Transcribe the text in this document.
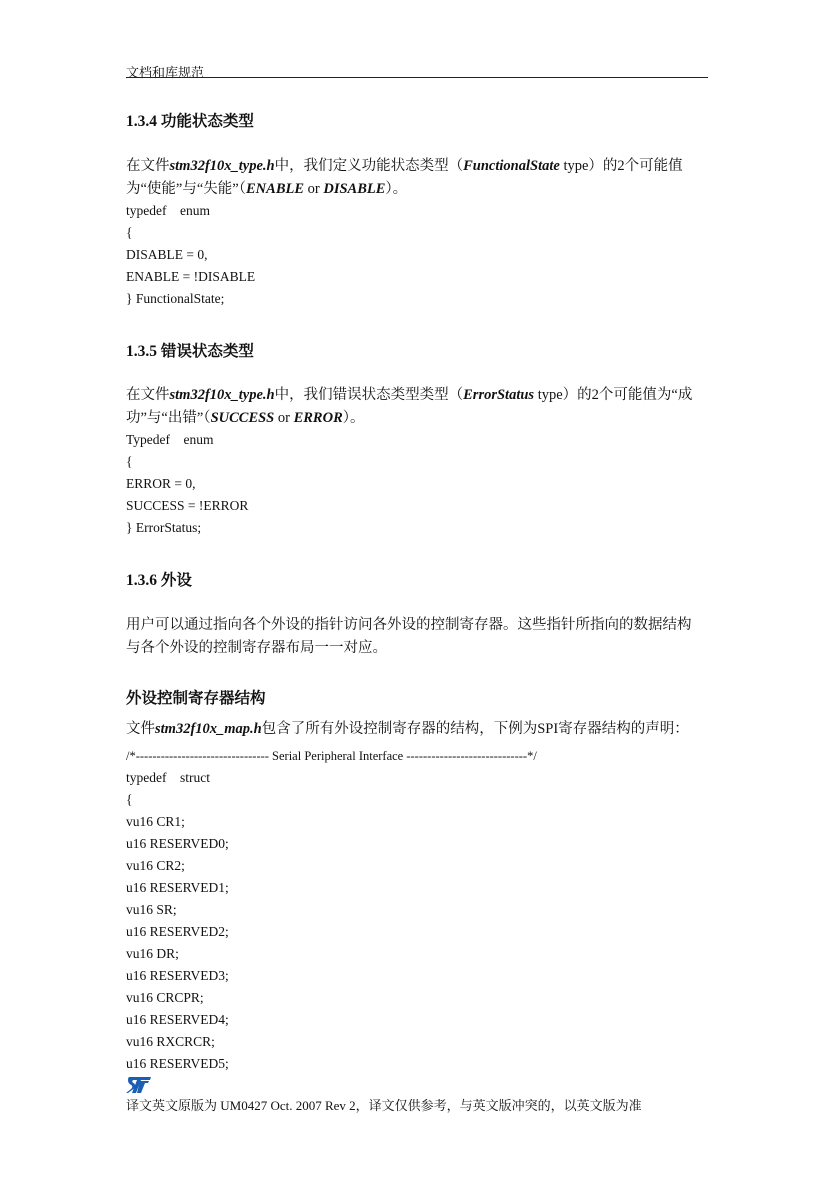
文档和库规范
1.3.4 功能状态类型
在文件stm32f10x_type.h中，我们定义功能状态类型（FunctionalState type）的2个可能值
为“使能”与“失能”（ENABLE or DISABLE）。
typedef    enum
{
DISABLE = 0,
ENABLE = !DISABLE
} FunctionalState;
1.3.5 错误状态类型
在文件stm32f10x_type.h中，我们错误状态类型类型（ErrorStatus type）的2个可能值为“成
功”与“出错”（SUCCESS or ERROR）。
Typedef    enum
{
ERROR = 0,
SUCCESS = !ERROR
} ErrorStatus;
1.3.6 外设
用户可以通过指向各个外设的指针访问各外设的控制寄存器。这些指针所指向的数据结构
与各个外设的控制寄存器布局一一对应。
外设控制寄存器结构
文件stm32f10x_map.h包含了所有外设控制寄存器的结构，下例为SPI寄存器结构的声明：
/*-------------------------------- Serial Peripheral Interface -----------------------------*/
typedef    struct
{
vu16 CR1;
u16 RESERVED0;
vu16 CR2;
u16 RESERVED1;
vu16 SR;
u16 RESERVED2;
vu16 DR;
u16 RESERVED3;
vu16 CRCPR;
u16 RESERVED4;
vu16 RXCRCR;
u16 RESERVED5;
译文英文原版为 UM0427 Oct. 2007 Rev 2，译文仅供参考，与英文版冲突的，以英文版为准
